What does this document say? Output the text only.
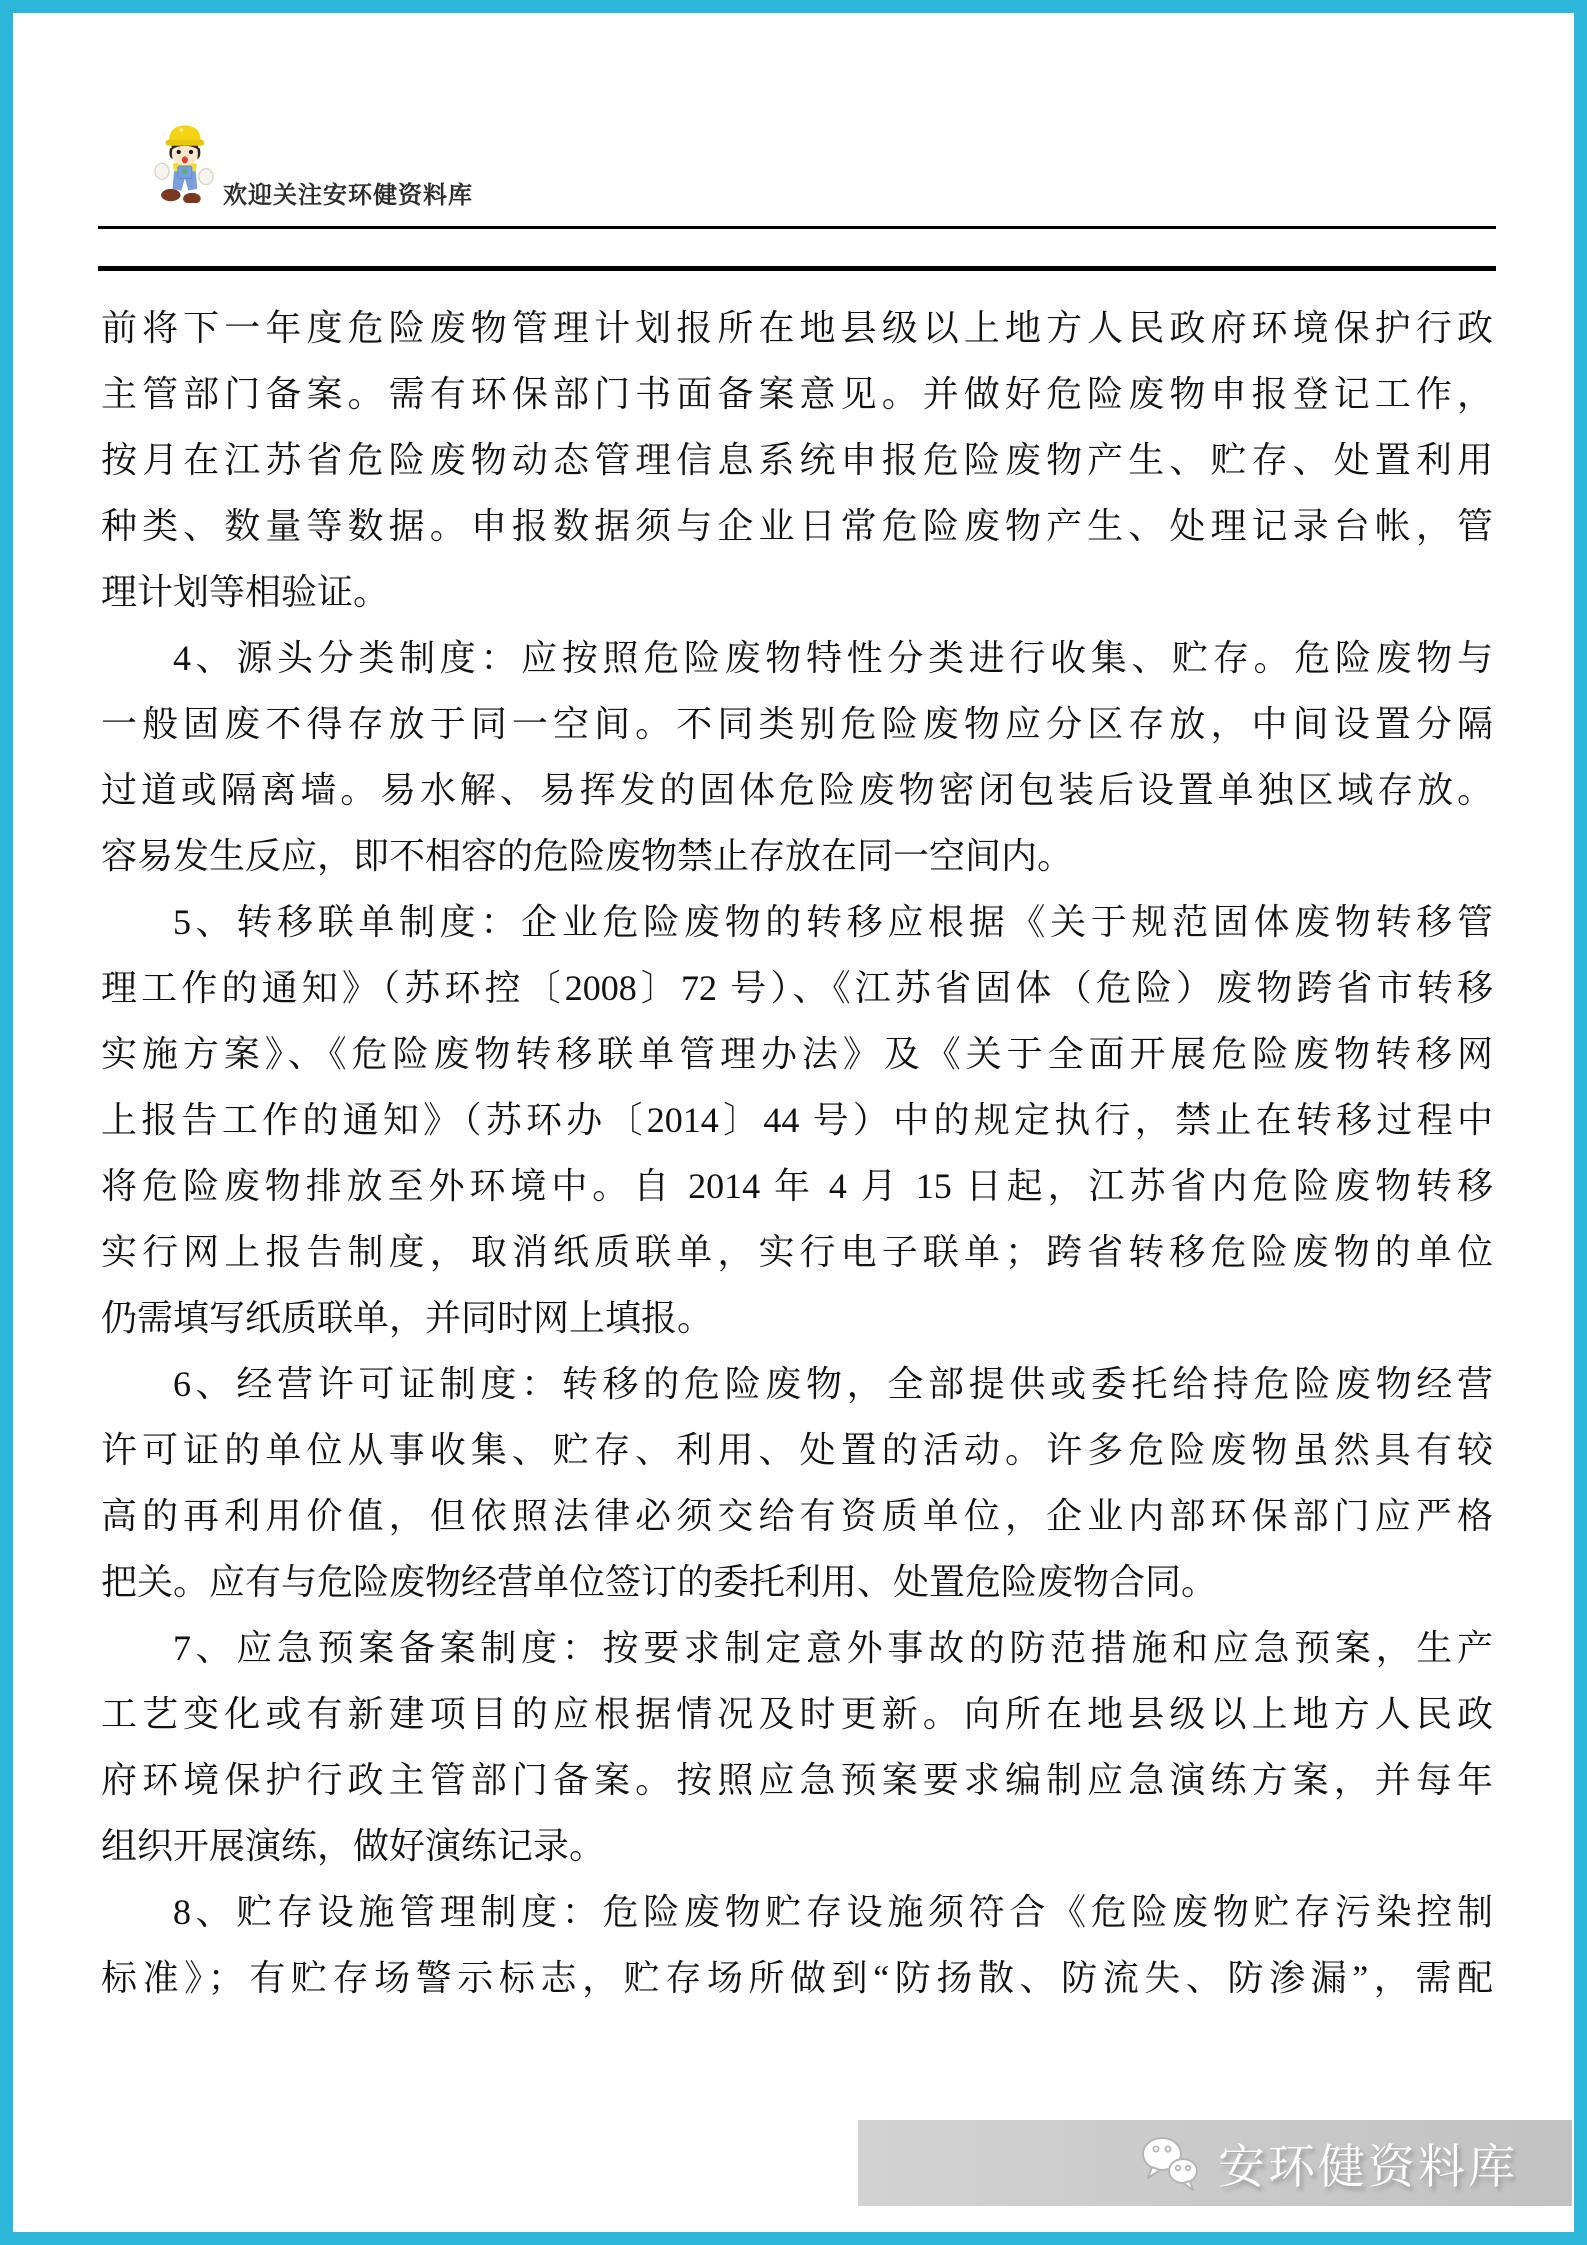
欢迎关注安环健资料库
前将下一年度危险废物管理计划报所在地县级以上地方人民政府环境保护行政
主管部门备案。需有环保部门书面备案意见。并做好危险废物申报登记工作，
按月在江苏省危险废物动态管理信息系统申报危险废物产生、贮存、处置利用
种类、数量等数据。申报数据须与企业日常危险废物产生、处理记录台帐，管
理计划等相验证。
4、源头分类制度：应按照危险废物特性分类进行收集、贮存。危险废物与
一般固废不得存放于同一空间。不同类别危险废物应分区存放，中间设置分隔
过道或隔离墙。易水解、易挥发的固体危险废物密闭包装后设置单独区域存放。
容易发生反应，即不相容的危险废物禁止存放在同一空间内。
5、转移联单制度：企业危险废物的转移应根据《关于规范固体废物转移管
理工作的通知》（苏环控〔2008〕72 号）、《江苏省固体（危险）废物跨省市转移
实施方案》、《危险废物转移联单管理办法》及《关于全面开展危险废物转移网
上报告工作的通知》（苏环办〔2014〕44 号）中的规定执行，禁止在转移过程中
将危险废物排放至外环境中。自 2014 年 4 月 15 日起，江苏省内危险废物转移
实行网上报告制度，取消纸质联单，实行电子联单；跨省转移危险废物的单位
仍需填写纸质联单，并同时网上填报。
6、经营许可证制度：转移的危险废物，全部提供或委托给持危险废物经营
许可证的单位从事收集、贮存、利用、处置的活动。许多危险废物虽然具有较
高的再利用价值，但依照法律必须交给有资质单位，企业内部环保部门应严格
把关。应有与危险废物经营单位签订的委托利用、处置危险废物合同。
7、应急预案备案制度：按要求制定意外事故的防范措施和应急预案，生产
工艺变化或有新建项目的应根据情况及时更新。向所在地县级以上地方人民政
府环境保护行政主管部门备案。按照应急预案要求编制应急演练方案，并每年
组织开展演练，做好演练记录。
8、贮存设施管理制度：危险废物贮存设施须符合《危险废物贮存污染控制
标准》；有贮存场警示标志，贮存场所做到“防扬散、防流失、防渗漏”，需配
安环健资料库
